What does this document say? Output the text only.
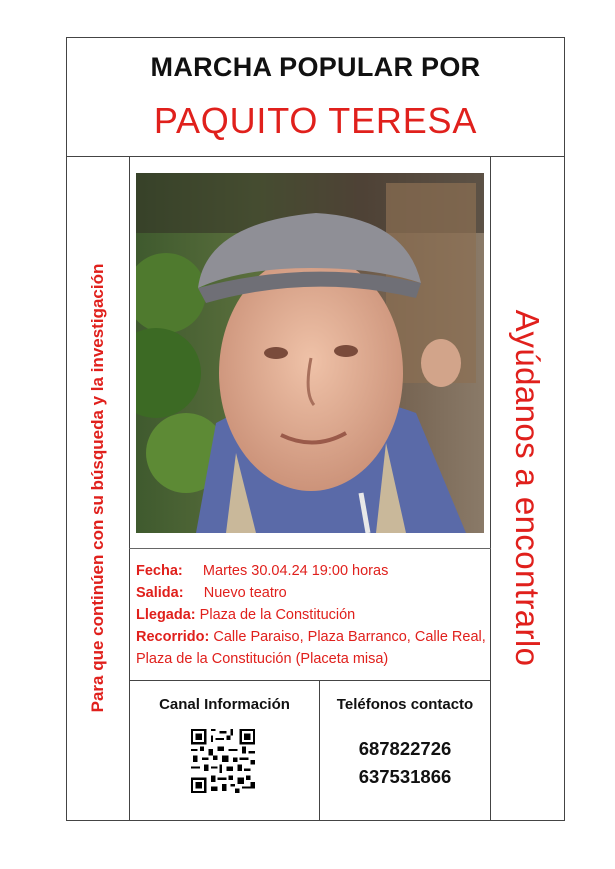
MARCHA POPULAR POR
PAQUITO TERESA
Para que continúen con su búsqueda y la investigación	Ayúdanos a encontrarlo
Fecha: Martes 30.04.24 19:00 horas
Salida: Nuevo teatro
Llegada: Plaza de la Constitución
Recorrido: Calle Paraiso, Plaza Barranco, Calle Real, Plaza de la Constitución (Placeta misa)
Canal Información	Teléfonos contacto
687822726
637531866
